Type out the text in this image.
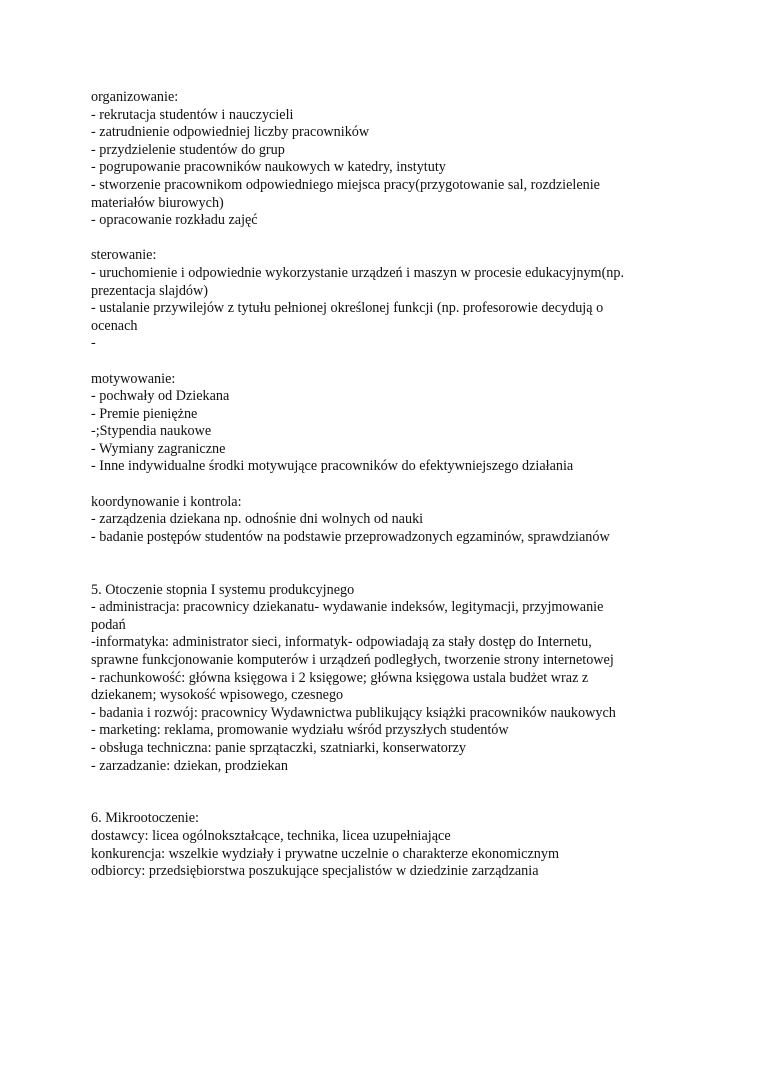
organizowanie:
- rekrutacja studentów i nauczycieli
- zatrudnienie odpowiedniej liczby pracowników
- przydzielenie studentów do grup
- pogrupowanie pracowników naukowych w katedry, instytuty
- stworzenie pracownikom odpowiedniego miejsca pracy(przygotowanie sal, rozdzielenie
materiałów biurowych)
- opracowanie rozkładu zajęć
sterowanie:
- uruchomienie i odpowiednie wykorzystanie urządzeń i maszyn w procesie edukacyjnym(np.
prezentacja slajdów)
- ustalanie przywilejów z tytułu pełnionej określonej funkcji (np. profesorowie decydują o
ocenach
-
motywowanie:
- pochwały od Dziekana
- Premie pieniężne
-;Stypendia naukowe
- Wymiany zagraniczne
- Inne indywidualne środki motywujące pracowników do efektywniejszego działania
koordynowanie i kontrola:
- zarządzenia dziekana np. odnośnie dni wolnych od nauki
- badanie postępów studentów na podstawie przeprowadzonych egzaminów, sprawdzianów
5. Otoczenie stopnia I systemu produkcyjnego
- administracja: pracownicy dziekanatu- wydawanie indeksów, legitymacji, przyjmowanie
podań
-informatyka: administrator sieci, informatyk- odpowiadają za stały dostęp do Internetu,
sprawne funkcjonowanie komputerów i urządzeń podległych, tworzenie strony internetowej
- rachunkowość: główna księgowa i 2 księgowe; główna księgowa ustala budżet wraz z
dziekanem; wysokość wpisowego, czesnego
- badania i rozwój: pracownicy Wydawnictwa publikujący książki pracowników naukowych
- marketing: reklama, promowanie wydziału wśród przyszłych studentów
- obsługa techniczna: panie sprzątaczki, szatniarki, konserwatorzy
- zarzadzanie: dziekan, prodziekan
6. Mikrootoczenie:
dostawcy: licea ogólnokształcące, technika, licea uzupełniające
konkurencja: wszelkie wydziały i prywatne uczelnie o charakterze ekonomicznym
odbiorcy: przedsiębiorstwa poszukujące specjalistów w dziedzinie zarządzania
